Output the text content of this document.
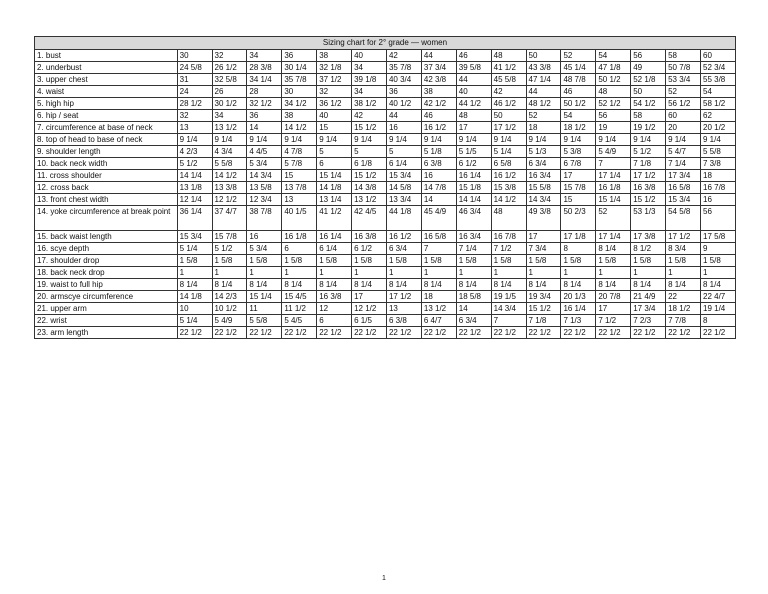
Sizing chart for 2° grade — women																
1. bust	30	32	34	36	38	40	42	44	46	48	50	52	54	56	58	60
2. underbust	24 5/8	26 1/2	28 3/8	30 1/4	32 1/8	34	35 7/8	37 3/4	39 5/8	41 1/2	43 3/8	45 1/4	47 1/8	49	50 7/8	52 3/4
3. upper chest	31	32 5/8	34 1/4	35 7/8	37 1/2	39 1/8	40 3/4	42 3/8	44	45 5/8	47 1/4	48 7/8	50 1/2	52 1/8	53 3/4	55 3/8
4. waist	24	26	28	30	32	34	36	38	40	42	44	46	48	50	52	54
5. high hip	28 1/2	30 1/2	32 1/2	34 1/2	36 1/2	38 1/2	40 1/2	42 1/2	44 1/2	46 1/2	48 1/2	50 1/2	52 1/2	54 1/2	56 1/2	58 1/2
6. hip / seat	32	34	36	38	40	42	44	46	48	50	52	54	56	58	60	62
7. circumference at base of neck	13	13 1/2	14	14 1/2	15	15 1/2	16	16 1/2	17	17 1/2	18	18 1/2	19	19 1/2	20	20 1/2
8. top of head to base of neck	9 1/4	9 1/4	9 1/4	9 1/4	9 1/4	9 1/4	9 1/4	9 1/4	9 1/4	9 1/4	9 1/4	9 1/4	9 1/4	9 1/4	9 1/4	9 1/4
9. shoulder length	4 2/3	4 3/4	4 4/5	4 7/8	5	5	5	5 1/8	5 1/5	5 1/4	5 1/3	5 3/8	5 4/9	5 1/2	5 4/7	5 5/8
10. back neck width	5 1/2	5 5/8	5 3/4	5 7/8	6	6 1/8	6 1/4	6 3/8	6 1/2	6 5/8	6 3/4	6 7/8	7	7 1/8	7 1/4	7 3/8
11. cross shoulder	14 1/4	14 1/2	14 3/4	15	15 1/4	15 1/2	15 3/4	16	16 1/4	16 1/2	16 3/4	17	17 1/4	17 1/2	17 3/4	18
12. cross back	13 1/8	13 3/8	13 5/8	13 7/8	14 1/8	14 3/8	14 5/8	14 7/8	15 1/8	15 3/8	15 5/8	15 7/8	16 1/8	16 3/8	16 5/8	16 7/8
13. front chest width	12 1/4	12 1/2	12 3/4	13	13 1/4	13 1/2	13 3/4	14	14 1/4	14 1/2	14 3/4	15	15 1/4	15 1/2	15 3/4	16
14. yoke circumference at break point	36 1/4	37 4/7	38 7/8	40 1/5	41 1/2	42 4/5	44 1/8	45 4/9	46 3/4	48	49 3/8	50 2/3	52	53 1/3	54 5/8	56
15. back waist length	15 3/4	15 7/8	16	16 1/8	16 1/4	16 3/8	16 1/2	16 5/8	16 3/4	16 7/8	17	17 1/8	17 1/4	17 3/8	17 1/2	17 5/8
16. scye depth	5 1/4	5 1/2	5 3/4	6	6 1/4	6 1/2	6 3/4	7	7 1/4	7 1/2	7 3/4	8	8 1/4	8 1/2	8 3/4	9
17. shoulder drop	1 5/8	1 5/8	1 5/8	1 5/8	1 5/8	1 5/8	1 5/8	1 5/8	1 5/8	1 5/8	1 5/8	1 5/8	1 5/8	1 5/8	1 5/8	1 5/8
18. back neck drop	1	1	1	1	1	1	1	1	1	1	1	1	1	1	1	1
19. waist to full hip	8 1/4	8 1/4	8 1/4	8 1/4	8 1/4	8 1/4	8 1/4	8 1/4	8 1/4	8 1/4	8 1/4	8 1/4	8 1/4	8 1/4	8 1/4	8 1/4
20. armscye circumference	14 1/8	14 2/3	15 1/4	15 4/5	16 3/8	17	17 1/2	18	18 5/8	19 1/5	19 3/4	20 1/3	20 7/8	21 4/9	22	22 4/7
21. upper arm	10	10 1/2	11	11 1/2	12	12 1/2	13	13 1/2	14	14 3/4	15 1/2	16 1/4	17	17 3/4	18 1/2	19 1/4
22. wrist	5 1/4	5 4/9	5 5/8	5 4/5	6	6 1/5	6 3/8	6 4/7	6 3/4	7	7 1/8	7 1/3	7 1/2	7 2/3	7 7/8	8
23. arm length	22 1/2	22 1/2	22 1/2	22 1/2	22 1/2	22 1/2	22 1/2	22 1/2	22 1/2	22 1/2	22 1/2	22 1/2	22 1/2	22 1/2	22 1/2	22 1/2
1
